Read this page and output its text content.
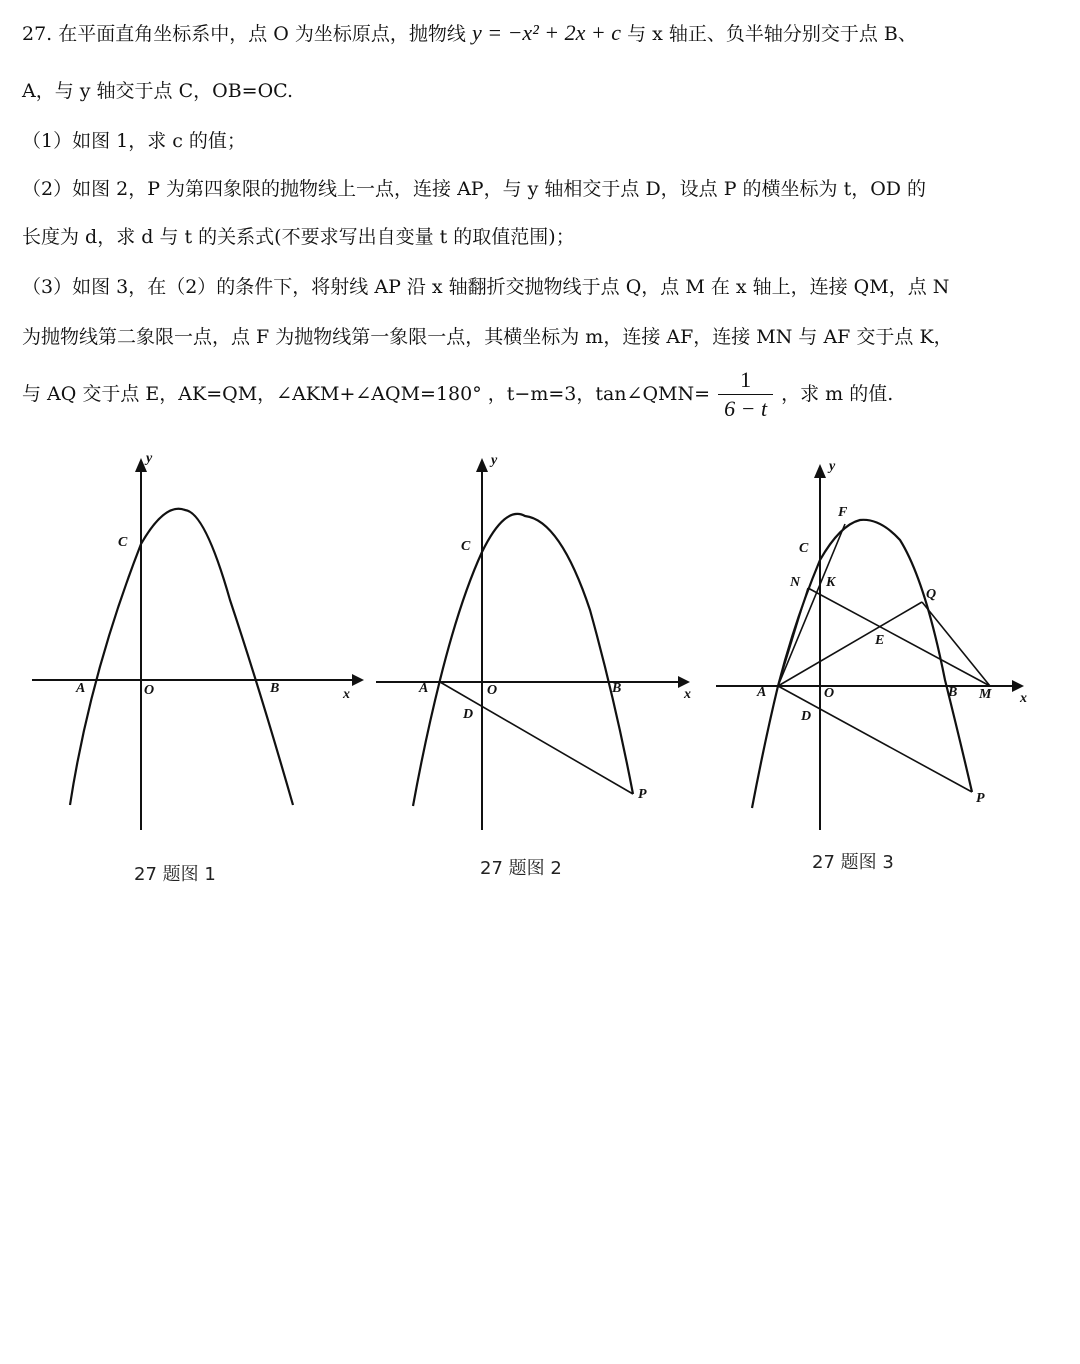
27. 在平面直角坐标系中，点 O 为坐标原点，抛物线 y = −x² + 2x + c 与 x 轴正、负半轴分别交于点 B、
A，与 y 轴交于点 C，OB=OC.
（1）如图 1，求 c 的值；
（2）如图 2，P 为第四象限的抛物线上一点，连接 AP，与 y 轴相交于点 D，设点 P 的横坐标为 t，OD 的
长度为 d，求 d 与 t 的关系式(不要求写出自变量 t 的取值范围)；
（3）如图 3，在（2）的条件下，将射线 AP 沿 x 轴翻折交抛物线于点 Q，点 M 在 x 轴上，连接 QM，点 N
为抛物线第二象限一点，点 F 为抛物线第一象限一点，其横坐标为 m，连接 AF，连接 MN 与 AF 交于点 K，
与 AQ 交于点 E，AK=QM，∠AKM+∠AQM=180° ，t−m=3，tan∠QMN= $\frac{1}{6 - t}$ ，求 m 的值.
y
x
C
A	O	B
27 题图 1
y
x
C
A	O	B
D
P
27 题图 2
y
x
F
C
N K
Q
E
A	O	B M
D
P
27 题图 3
